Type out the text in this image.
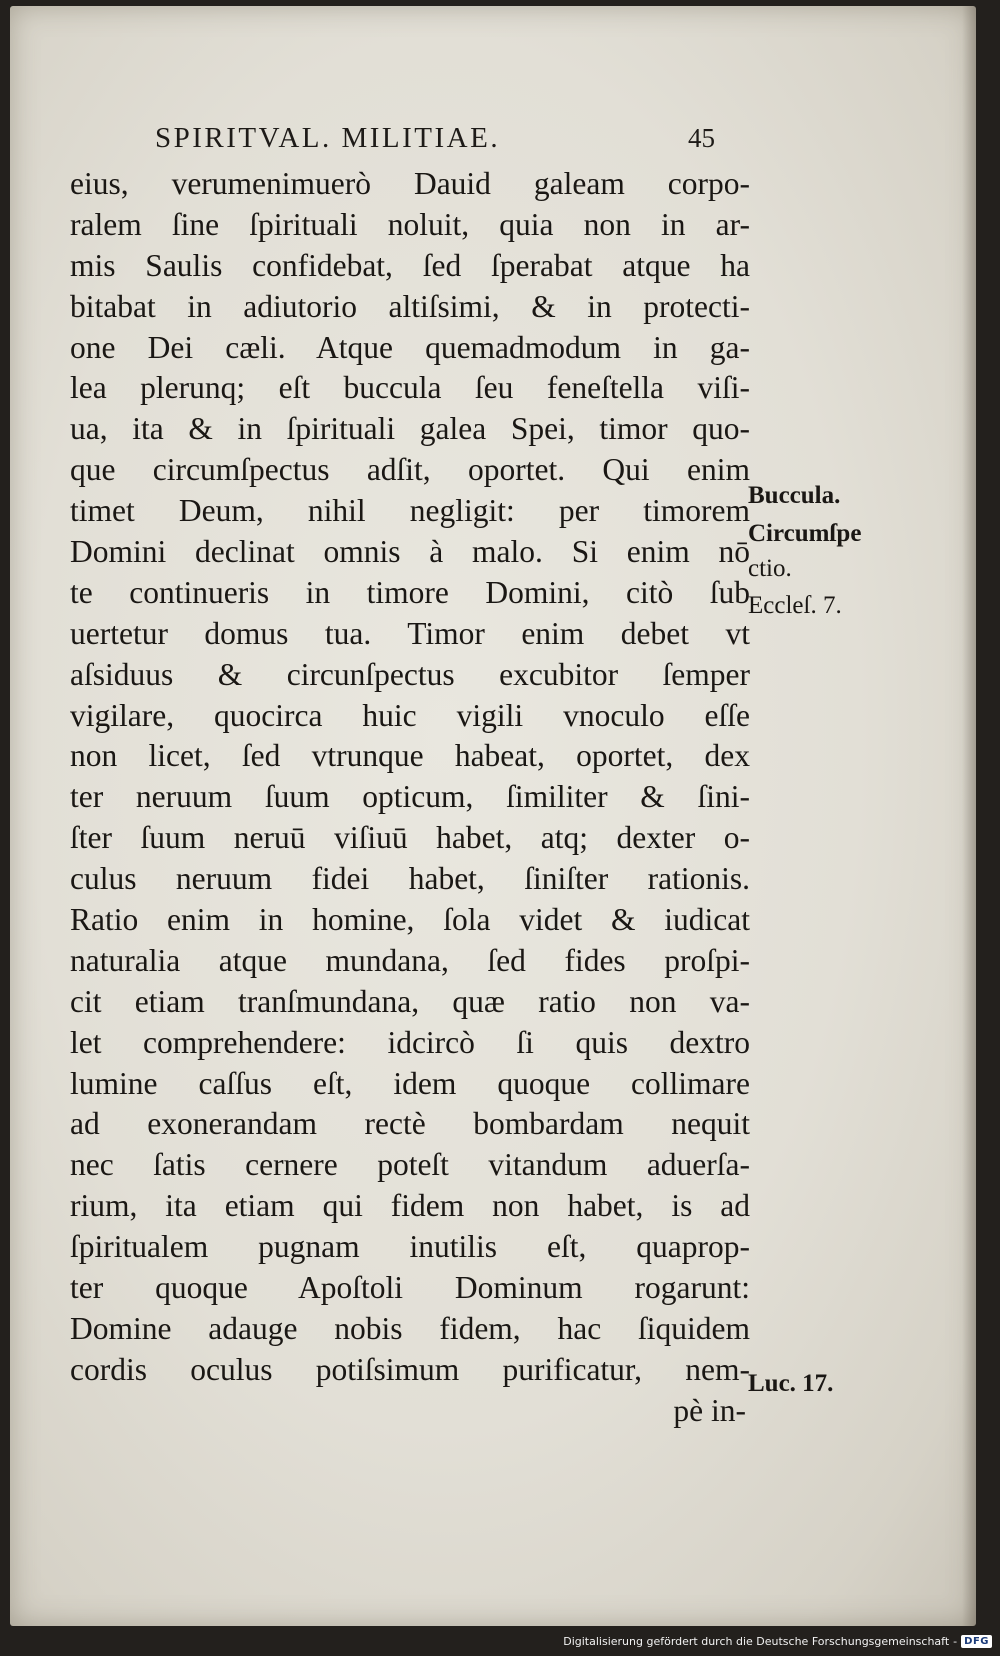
SPIRITVAL. MILITIAE.	45
eius, verumenimuerò Dauid galeam corpo-
ralem ſine ſpirituali noluit, quia non in ar-
mis Saulis confidebat, ſed ſperabat atque ha
bitabat in adiutorio altiſsimi, & in protecti-
one Dei cæli. Atque quemadmodum in ga-
lea plerunq; eſt buccula ſeu feneſtella viſi-
ua, ita & in ſpirituali galea Spei, timor quo-
que circumſpectus adſit, oportet. Qui enim
timet Deum, nihil negligit: per timorem
Domini declinat omnis à malo. Si enim nō
te continueris in timore Domini, citò ſub
uertetur domus tua. Timor enim debet vt
aſsiduus & circunſpectus excubitor ſemper
vigilare, quocirca huic vigili vnoculo eſſe
non licet, ſed vtrunque habeat, oportet, dex
ter neruum ſuum opticum, ſimiliter & ſini-
ſter ſuum neruū viſiuū habet, atq; dexter o-
culus neruum fidei habet, ſiniſter rationis.
Ratio enim in homine, ſola videt & iudicat
naturalia atque mundana, ſed fides proſpi-
cit etiam tranſmundana, quæ ratio non va-
let comprehendere: idcircò ſi quis dextro
lumine caſſus eſt, idem quoque collimare
ad exonerandam rectè bombardam nequit
nec ſatis cernere poteſt vitandum aduerſa-
rium, ita etiam qui fidem non habet, is ad
ſpiritualem pugnam inutilis eſt, quaprop-
ter quoque Apoſtoli Dominum rogarunt:
Domine adauge nobis fidem, hac ſiquidem
cordis oculus potiſsimum purificatur, nem-
pè in-
Buccula.
Circumſpe
ctio.
Eccleſ. 7.
Luc. 17.
Digitalisierung gefördert durch die Deutsche Forschungsgemeinschaft - DFG
